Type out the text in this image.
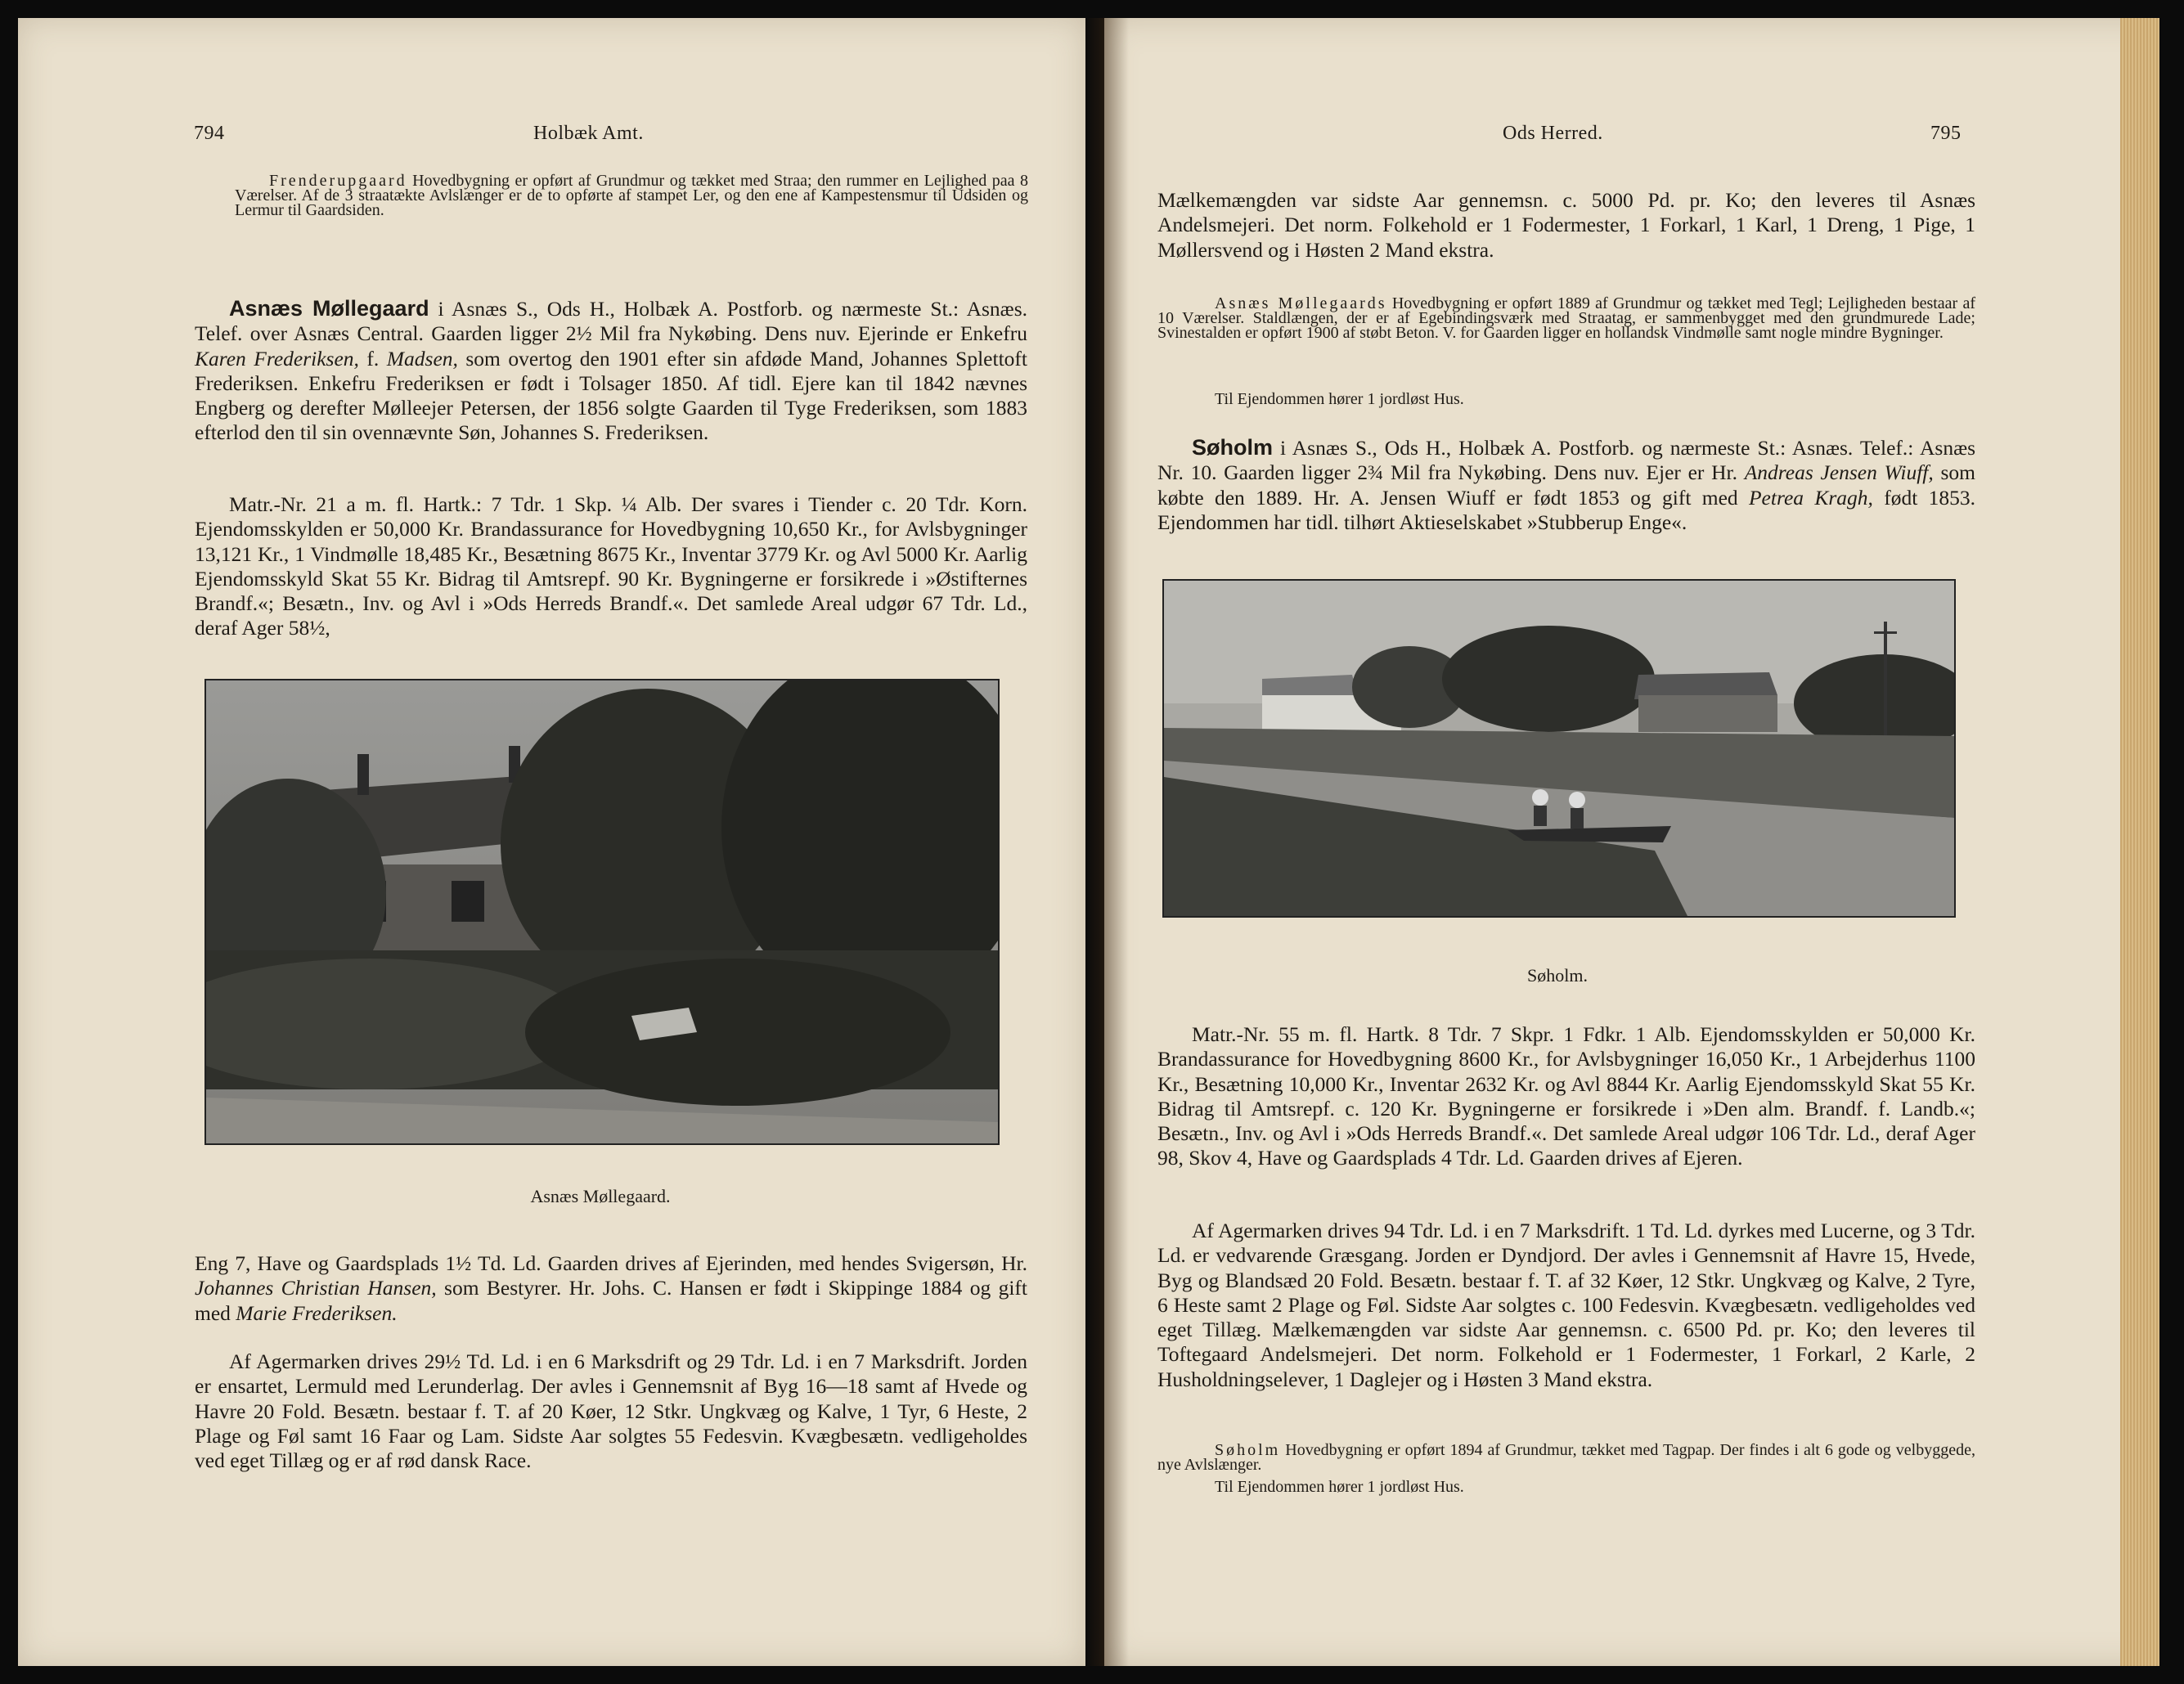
794	Holbæk Amt.
Frenderupgaard Hovedbygning er opført af Grundmur og tækket med Straa; den rummer en Lejlighed paa 8 Værelser. Af de 3 straatækte Avlslænger er de to opførte af stampet Ler, og den ene af Kampestensmur til Udsiden og Lermur til Gaardsiden.
Asnæs Møllegaard i Asnæs S., Ods H., Holbæk A. Postforb. og nærmeste St.: Asnæs. Telef. over Asnæs Central. Gaarden ligger 2½ Mil fra Nykøbing. Dens nuv. Ejerinde er Enkefru Karen Frederiksen, f. Madsen, som overtog den 1901 efter sin afdøde Mand, Johannes Splettoft Frederiksen. Enkefru Frederiksen er født i Tolsager 1850. Af tidl. Ejere kan til 1842 nævnes Engberg og derefter Mølleejer Petersen, der 1856 solgte Gaarden til Tyge Frederiksen, som 1883 efterlod den til sin ovennævnte Søn, Johannes S. Frederiksen.
Matr.-Nr. 21 a m. fl. Hartk.: 7 Tdr. 1 Skp. ¼ Alb. Der svares i Tiender c. 20 Tdr. Korn. Ejendomsskylden er 50,000 Kr. Brandassurance for Hovedbygning 10,650 Kr., for Avlsbygninger 13,121 Kr., 1 Vindmølle 18,485 Kr., Besætning 8675 Kr., Inventar 3779 Kr. og Avl 5000 Kr. Aarlig Ejendomsskyld Skat 55 Kr. Bidrag til Amtsrepf. 90 Kr. Bygningerne er forsikrede i »Østifternes Brandf.«; Besætn., Inv. og Avl i »Ods Herreds Brandf.«. Det samlede Areal udgør 67 Tdr. Ld., deraf Ager 58½,
Asnæs Møllegaard.
Eng 7, Have og Gaardsplads 1½ Td. Ld. Gaarden drives af Ejerinden, med hendes Svigersøn, Hr. Johannes Christian Hansen, som Bestyrer. Hr. Johs. C. Hansen er født i Skippinge 1884 og gift med Marie Frederiksen.
Af Agermarken drives 29½ Td. Ld. i en 6 Marksdrift og 29 Tdr. Ld. i en 7 Marksdrift. Jorden er ensartet, Lermuld med Lerunderlag. Der avles i Gennemsnit af Byg 16—18 samt af Hvede og Havre 20 Fold. Besætn. bestaar f. T. af 20 Køer, 12 Stkr. Ungkvæg og Kalve, 1 Tyr, 6 Heste, 2 Plage og Føl samt 16 Faar og Lam. Sidste Aar solgtes 55 Fedesvin. Kvægbesætn. vedligeholdes ved eget Tillæg og er af rød dansk Race.
Ods Herred.	795
Mælkemængden var sidste Aar gennemsn. c. 5000 Pd. pr. Ko; den leveres til Asnæs Andelsmejeri. Det norm. Folkehold er 1 Fodermester, 1 Forkarl, 1 Karl, 1 Dreng, 1 Pige, 1 Møllersvend og i Høsten 2 Mand ekstra.
Asnæs Møllegaards Hovedbygning er opført 1889 af Grundmur og tækket med Tegl; Lejligheden bestaar af 10 Værelser. Staldlængen, der er af Egebindingsværk med Straatag, er sammenbygget med den grundmurede Lade; Svinestalden er opført 1900 af støbt Beton. V. for Gaarden ligger en hollandsk Vindmølle samt nogle mindre Bygninger.
Til Ejendommen hører 1 jordløst Hus.
Søholm i Asnæs S., Ods H., Holbæk A. Postforb. og nærmeste St.: Asnæs. Telef.: Asnæs Nr. 10. Gaarden ligger 2¾ Mil fra Nykøbing. Dens nuv. Ejer er Hr. Andreas Jensen Wiuff, som købte den 1889. Hr. A. Jensen Wiuff er født 1853 og gift med Petrea Kragh, født 1853. Ejendommen har tidl. tilhørt Aktieselskabet »Stubberup Enge«.
Søholm.
Matr.-Nr. 55 m. fl. Hartk. 8 Tdr. 7 Skpr. 1 Fdkr. 1 Alb. Ejendomsskylden er 50,000 Kr. Brandassurance for Hovedbygning 8600 Kr., for Avlsbygninger 16,050 Kr., 1 Arbejderhus 1100 Kr., Besætning 10,000 Kr., Inventar 2632 Kr. og Avl 8844 Kr. Aarlig Ejendomsskyld Skat 55 Kr. Bidrag til Amtsrepf. c. 120 Kr. Bygningerne er forsikrede i »Den alm. Brandf. f. Landb.«; Besætn., Inv. og Avl i »Ods Herreds Brandf.«. Det samlede Areal udgør 106 Tdr. Ld., deraf Ager 98, Skov 4, Have og Gaardsplads 4 Tdr. Ld. Gaarden drives af Ejeren.
Af Agermarken drives 94 Tdr. Ld. i en 7 Marksdrift. 1 Td. Ld. dyrkes med Lucerne, og 3 Tdr. Ld. er vedvarende Græsgang. Jorden er Dyndjord. Der avles i Gennemsnit af Havre 15, Hvede, Byg og Blandsæd 20 Fold. Besætn. bestaar f. T. af 32 Køer, 12 Stkr. Ungkvæg og Kalve, 2 Tyre, 6 Heste samt 2 Plage og Føl. Sidste Aar solgtes c. 100 Fedesvin. Kvægbesætn. vedligeholdes ved eget Tillæg. Mælkemængden var sidste Aar gennemsn. c. 6500 Pd. pr. Ko; den leveres til Toftegaard Andelsmejeri. Det norm. Folkehold er 1 Fodermester, 1 Forkarl, 2 Karle, 2 Husholdningselever, 1 Daglejer og i Høsten 3 Mand ekstra.
Søholm Hovedbygning er opført 1894 af Grundmur, tækket med Tagpap. Der findes i alt 6 gode og velbyggede, nye Avlslænger.
Til Ejendommen hører 1 jordløst Hus.
